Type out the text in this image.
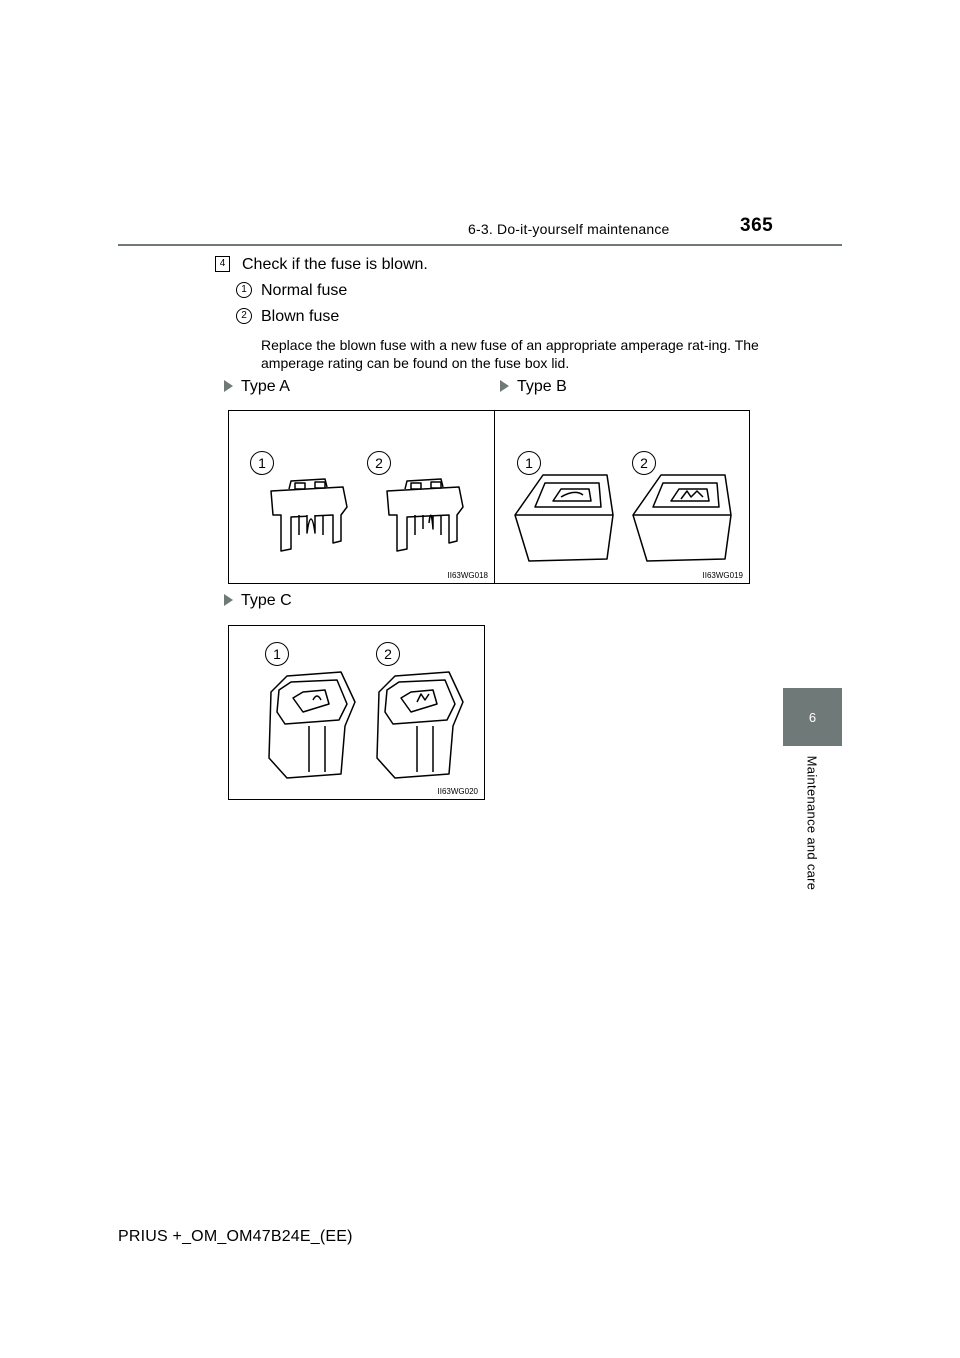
6-3. Do-it-yourself maintenance	365
6
Maintenance and care
4 Check if the fuse is blown.
1 Normal fuse
2 Blown fuse
Replace the blown fuse with a new fuse of an appropriate amperage rat-ing. The amperage rating can be found on the fuse box lid.
Type A	Type B
Type C
1	2
II63WG018
1	2
II63WG019
1	2
II63WG020
PRIUS +_OM_OM47B24E_(EE)
